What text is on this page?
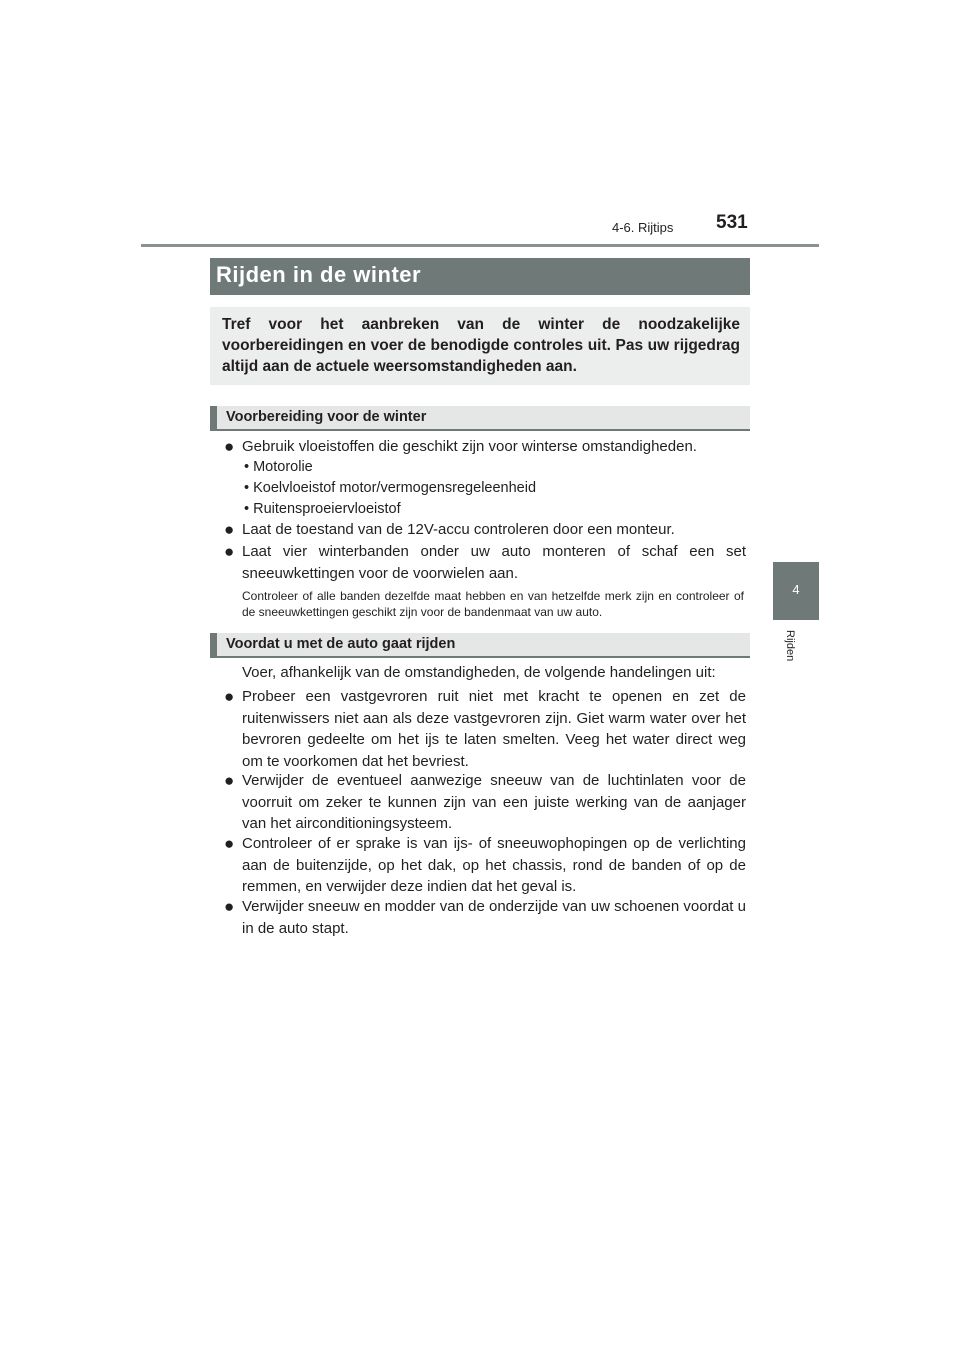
4-6. Rijtips 531
4
Rijden
Rijden in de winter
Tref voor het aanbreken van de winter de noodzakelijke voorbereidingen en voer de benodigde controles uit. Pas uw rijgedrag altijd aan de actuele weersomstandigheden aan.
Voorbereiding voor de winter
● Gebruik vloeistoffen die geschikt zijn voor winterse omstandigheden.
• Motorolie
• Koelvloeistof motor/vermogensregeleenheid
• Ruitensproeiervloeistof
● Laat de toestand van de 12V-accu controleren door een monteur.
● Laat vier winterbanden onder uw auto monteren of schaf een set sneeuwkettingen voor de voorwielen aan.
Controleer of alle banden dezelfde maat hebben en van hetzelfde merk zijn en controleer of de sneeuwkettingen geschikt zijn voor de bandenmaat van uw auto.
Voordat u met de auto gaat rijden
Voer, afhankelijk van de omstandigheden, de volgende handelingen uit:
● Probeer een vastgevroren ruit niet met kracht te openen en zet de ruitenwissers niet aan als deze vastgevroren zijn. Giet warm water over het bevroren gedeelte om het ijs te laten smelten. Veeg het water direct weg om te voorkomen dat het bevriest.
● Verwijder de eventueel aanwezige sneeuw van de luchtinlaten voor de voorruit om zeker te kunnen zijn van een juiste werking van de aanjager van het airconditioningsysteem.
● Controleer of er sprake is van ijs- of sneeuwophopingen op de verlichting aan de buitenzijde, op het dak, op het chassis, rond de banden of op de remmen, en verwijder deze indien dat het geval is.
● Verwijder sneeuw en modder van de onderzijde van uw schoenen voordat u in de auto stapt.
